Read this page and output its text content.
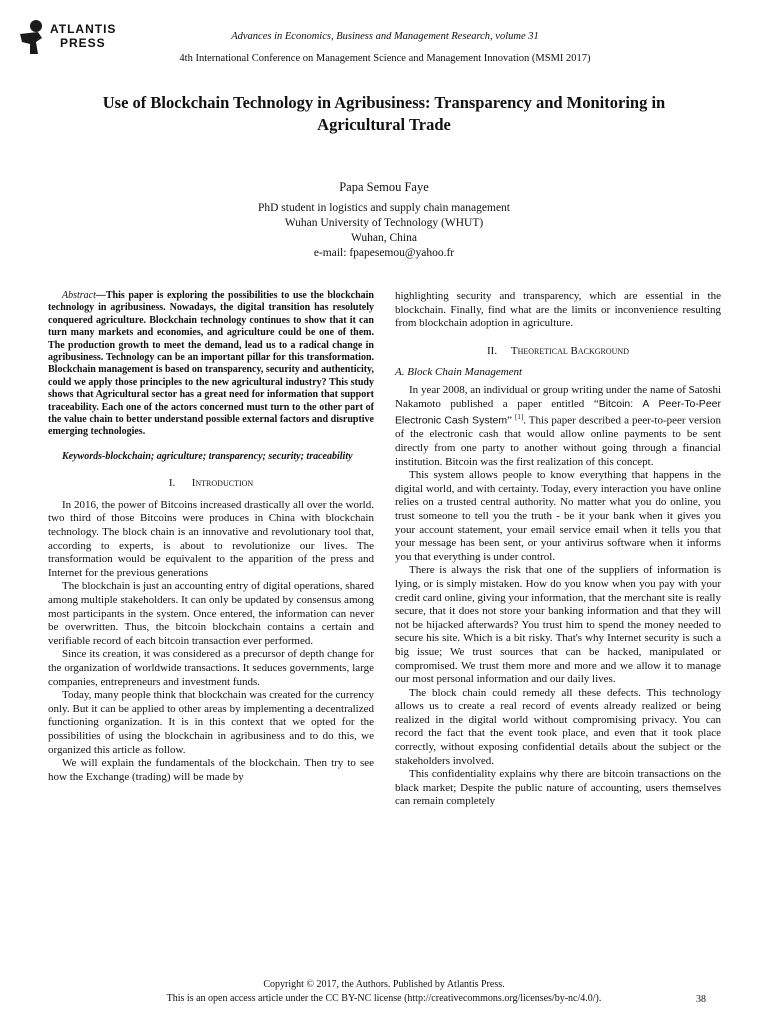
ATLANTIS
PRESS	Advances in Economics, Business and Management Research, volume 31
4th International Conference on Management Science and Management Innovation (MSMI 2017)
Use of Blockchain Technology in Agribusiness: Transparency and Monitoring in Agricultural Trade
Papa Semou Faye
PhD student in logistics and supply chain management
Wuhan University of Technology (WHUT)
Wuhan, China
e-mail: fpapesemou@yahoo.fr

Abstract—This paper is exploring the possibilities to use the blockchain technology in agribusiness. Nowadays, the digital transition has resolutely conquered agriculture. Blockchain technology continues to show that it can turn many markets and economies, and agriculture could be one of them. The production growth to meet the demand, lead us to a radical change in agribusiness. Technology can be an important pillar for this transformation. Blockchain management is based on transparency, security and authenticity, could we apply those principles to the new agricultural industry? This study shows that Agricultural sector has a great need for information that support traceability. Each one of the actors concerned must turn to the other part of the value chain to better understand possible external factors and disruptive emerging technologies.

Keywords-blockchain; agriculture; transparency; security; traceability

I. Introduction

In 2016, the power of Bitcoins increased drastically all over the world. two third of those Bitcoins were produces in China with blockchain technology. The block chain is an innovative and revolutionary tool that, according to experts, is about to revolutionize our lives. The transformation would be equivalent to the apparition of the press and Internet for the previous generations

The blockchain is just an accounting entry of digital operations, shared among multiple stakeholders. It can only be updated by consensus among most participants in the system. Once entered, the information can never be overwritten. Thus, the bitcoin blockchain contains a certain and verifiable record of each bitcoin transaction ever performed.

Since its creation, it was considered as a precursor of depth change for the organization of worldwide transactions. It seduces governments, large companies, entrepreneurs and investment funds.

Today, many people think that blockchain was created for the currency only. But it can be applied to other areas by implementing a decentralized functioning organization. It is in this context that we opted for the possibilities of using the blockchain in agribusiness and to do this, we organized this article as follow.

We will explain the fundamentals of the blockchain. Then try to see how the Exchange (trading) will be made by

highlighting security and transparency, which are essential in the blockchain. Finally, find what are the limits or inconvenience resulting from blockchain adoption in agriculture.

II. Theoretical Background

A. Block Chain Management

In year 2008, an individual or group writing under the name of Satoshi Nakamoto published a paper entitled “Bitcoin: A Peer-To-Peer Electronic Cash System” [1]. This paper described a peer-to-peer version of the electronic cash that would allow online payments to be sent directly from one party to another without going through a financial institution. Bitcoin was the first realization of this concept.

This system allows people to know everything that happens in the digital world, and with certainty. Today, every interaction you have online relies on a trusted central authority. No matter what you do online, you trust someone to tell you the truth - be it your bank when it gives you your account statement, your email service email when it tells you that your message has been sent, or your antivirus software when it informs you that everything is under control.

There is always the risk that one of the suppliers of information is lying, or is simply mistaken. How do you know when you pay with your credit card online, giving your information, that the merchant site is really secure, that it does not store your banking information and that they will not be hijacked afterwards? You trust him to spend the money needed to secure his site. Which is a bit risky. That's why Internet security is such a big issue; We trust sources that can be hacked, manipulated or compromised. We trust them more and more and we allow it to manage our most personal information and our daily lives.

The block chain could remedy all these defects. This technology allows us to create a real record of events already realized or being realized in the digital world without compromising privacy. You can record the fact that the event took place, and even that it took place correctly, without exposing confidential details about the subject or the stakeholders involved.

This confidentiality explains why there are bitcoin transactions on the black market; Despite the public nature of accounting, users themselves can remain completely

Copyright © 2017, the Authors. Published by Atlantis Press.
This is an open access article under the CC BY-NC license (http://creativecommons.org/licenses/by-nc/4.0/).	38
